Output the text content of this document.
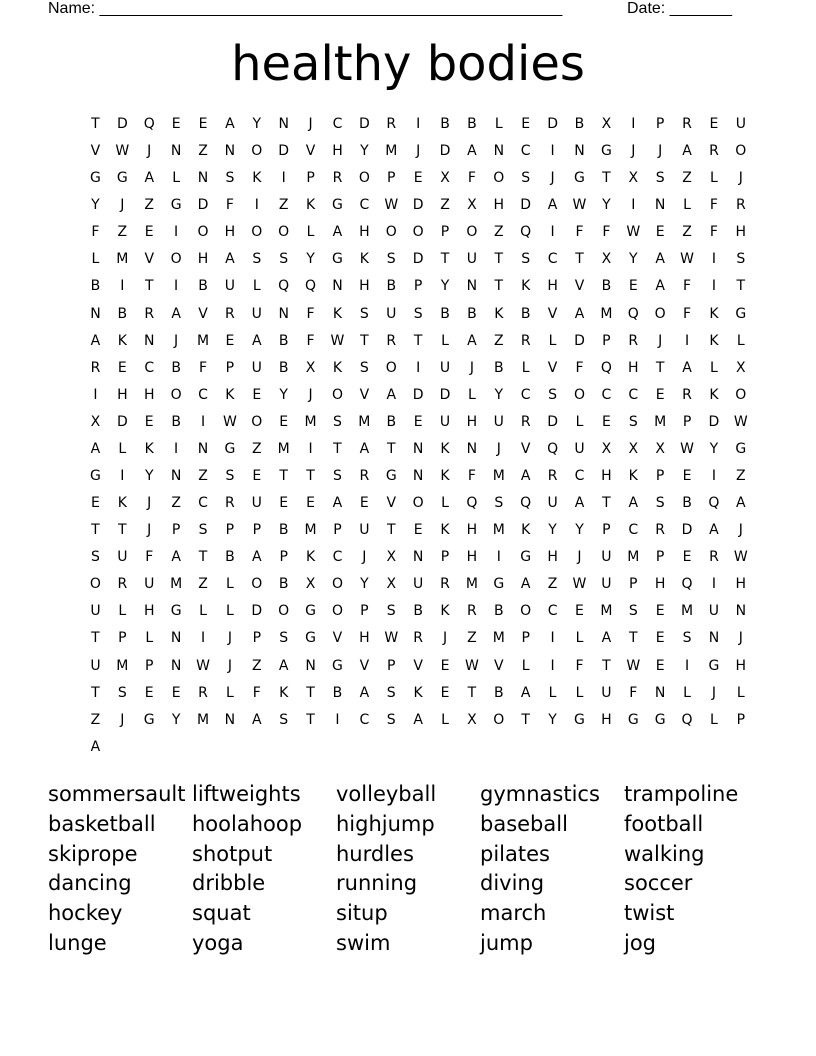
Name: ____________________________________________________	Date: _______
healthy bodies
T	D	Q	E	E	A	Y	N	J	C	D	R	I	B	B	L	E	D	B	X	I	P	R	E	U
V	W	J	N	Z	N	O	D	V	H	Y	M	J	D	A	N	C	I	N	G	J	J	A	R	O
G	G	A	L	N	S	K	I	P	R	O	P	E	X	F	O	S	J	G	T	X	S	Z	L	J
Y	J	Z	G	D	F	I	Z	K	G	C	W	D	Z	X	H	D	A	W	Y	I	N	L	F	R
F	Z	E	I	O	H	O	O	L	A	H	O	O	P	O	Z	Q	I	F	F	W	E	Z	F	H
L	M	V	O	H	A	S	S	Y	G	K	S	D	T	U	T	S	C	T	X	Y	A	W	I	S
B	I	T	I	B	U	L	Q	Q	N	H	B	P	Y	N	T	K	H	V	B	E	A	F	I	T
N	B	R	A	V	R	U	N	F	K	S	U	S	B	B	K	B	V	A	M	Q	O	F	K	G
A	K	N	J	M	E	A	B	F	W	T	R	T	L	A	Z	R	L	D	P	R	J	I	K	L
R	E	C	B	F	P	U	B	X	K	S	O	I	U	J	B	L	V	F	Q	H	T	A	L	X
I	H	H	O	C	K	E	Y	J	O	V	A	D	D	L	Y	C	S	O	C	C	E	R	K	O
X	D	E	B	I	W	O	E	M	S	M	B	E	U	H	U	R	D	L	E	S	M	P	D	W
A	L	K	I	N	G	Z	M	I	T	A	T	N	K	N	J	V	Q	U	X	X	X	W	Y	G
G	I	Y	N	Z	S	E	T	T	S	R	G	N	K	F	M	A	R	C	H	K	P	E	I	Z
E	K	J	Z	C	R	U	E	E	A	E	V	O	L	Q	S	Q	U	A	T	A	S	B	Q	A
T	T	J	P	S	P	P	B	M	P	U	T	E	K	H	M	K	Y	Y	P	C	R	D	A	J
S	U	F	A	T	B	A	P	K	C	J	X	N	P	H	I	G	H	J	U	M	P	E	R	W
O	R	U	M	Z	L	O	B	X	O	Y	X	U	R	M	G	A	Z	W	U	P	H	Q	I	H
U	L	H	G	L	L	D	O	G	O	P	S	B	K	R	B	O	C	E	M	S	E	M	U	N
T	P	L	N	I	J	P	S	G	V	H	W	R	J	Z	M	P	I	L	A	T	E	S	N	J
U	M	P	N	W	J	Z	A	N	G	V	P	V	E	W	V	L	I	F	T	W	E	I	G	H
T	S	E	E	R	L	F	K	T	B	A	S	K	E	T	B	A	L	L	U	F	N	L	J	L
Z	J	G	Y	M	N	A	S	T	I	C	S	A	L	X	O	T	Y	G	H	G	G	Q	L	P
A
sommersault liftweights	volleyball	gymnastics	trampoline
basketball	hoolahoop	highjump	baseball	football
skiprope	shotput	hurdles	pilates	walking
dancing	dribble	running	diving	soccer
hockey	squat	situp	march	twist
lunge	yoga	swim	jump	jog
